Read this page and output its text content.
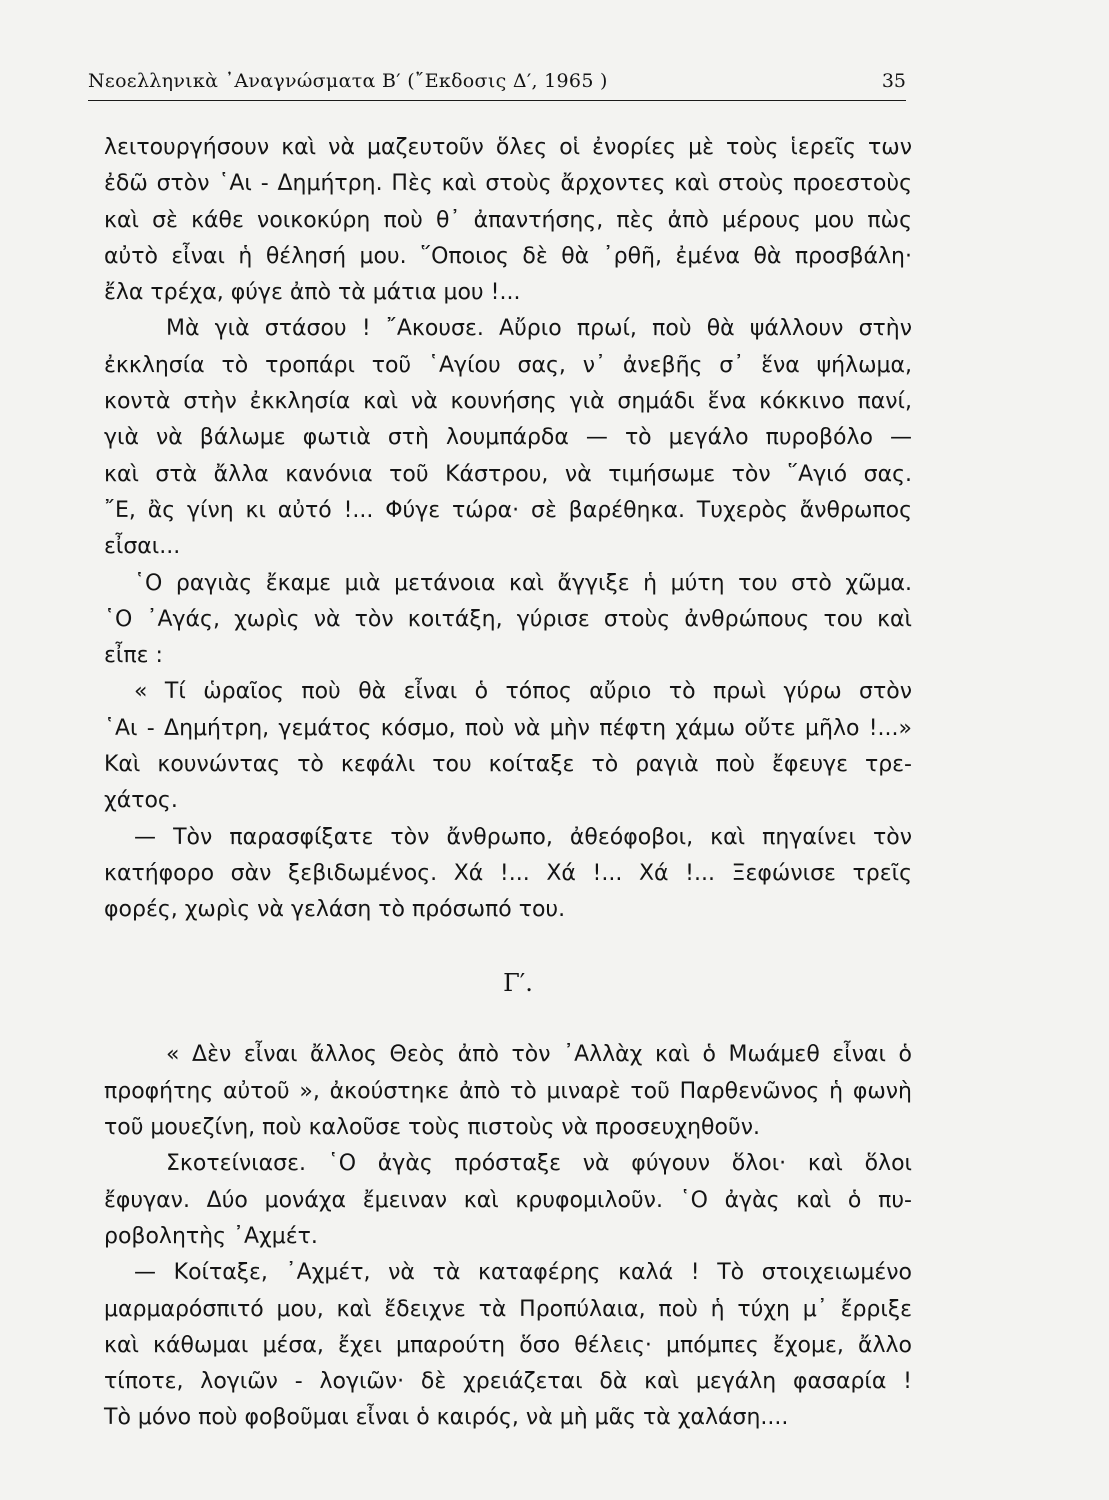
Νεοελληνικὰ ᾽Αναγνώσματα Β′ (῎Εκδοσις Δ′, 1965 )	35
λειτουργήσουν καὶ νὰ μαζευτοῦν ὅλες οἱ ἐνορίες μὲ τοὺς ἱερεῖς των
ἐδῶ στὸν ῾Αι - Δημήτρη. Πὲς καὶ στοὺς ἄρχοντες καὶ στοὺς προεστοὺς
καὶ σὲ κάθε νοικοκύρη ποὺ θ᾽ ἀπαντήσης, πὲς ἀπὸ μέρους μου πὼς
αὐτὸ εἶναι ἡ θέλησή μου. ῞Οποιος δὲ θὰ ᾽ρθῆ, ἐμένα θὰ προσβάλη·
ἔλα τρέχα, φύγε ἀπὸ τὰ μάτια μου !...
Μὰ γιὰ στάσου ! ῎Ακουσε. Αὔριο πρωί, ποὺ θὰ ψάλλουν στὴν
ἐκκλησία τὸ τροπάρι τοῦ ῾Αγίου σας, ν᾽ ἀνεβῆς σ᾽ ἕνα ψήλωμα,
κοντὰ στὴν ἐκκλησία καὶ νὰ κουνήσης γιὰ σημάδι ἕνα κόκκινο πανί,
γιὰ νὰ βάλωμε φωτιὰ στὴ λουμπάρδα — τὸ μεγάλο πυροβόλο —
καὶ στὰ ἄλλα κανόνια τοῦ Κάστρου, νὰ τιμήσωμε τὸν ῞Αγιό σας.
῎Ε, ἂς γίνη κι αὐτό !... Φύγε τώρα· σὲ βαρέθηκα. Τυχερὸς ἄνθρωπος
εἶσαι...
῾Ο ραγιὰς ἔκαμε μιὰ μετάνοια καὶ ἄγγιξε ἡ μύτη του στὸ χῶμα.
῾Ο ᾽Αγάς, χωρὶς νὰ τὸν κοιτάξη, γύρισε στοὺς ἀνθρώπους του καὶ
εἶπε :
« Τί ὡραῖος ποὺ θὰ εἶναι ὁ τόπος αὔριο τὸ πρωὶ γύρω στὸν
῾Αι - Δημήτρη, γεμάτος κόσμο, ποὺ νὰ μὴν πέφτη χάμω οὔτε μῆλο !...»
Καὶ κουνώντας τὸ κεφάλι του κοίταξε τὸ ραγιὰ ποὺ ἔφευγε τρε-
χάτος.
— Τὸν παρασφίξατε τὸν ἄνθρωπο, ἀθεόφοβοι, καὶ πηγαίνει τὸν
κατήφορο σὰν ξεβιδωμένος. Χά !... Χά !... Χά !... Ξεφώνισε τρεῖς
φορές, χωρὶς νὰ γελάση τὸ πρόσωπό του.
Γ′.
« Δὲν εἶναι ἄλλος Θεὸς ἀπὸ τὸν ᾽Αλλὰχ καὶ ὁ Μωάμεθ εἶναι ὁ
προφήτης αὐτοῦ », ἀκούστηκε ἀπὸ τὸ μιναρὲ τοῦ Παρθενῶνος ἡ φωνὴ
τοῦ μουεζίνη, ποὺ καλοῦσε τοὺς πιστοὺς νὰ προσευχηθοῦν.
Σκοτείνιασε. ῾Ο ἀγὰς πρόσταξε νὰ φύγουν ὅλοι· καὶ ὅλοι
ἔφυγαν. Δύο μονάχα ἔμειναν καὶ κρυφομιλοῦν. ῾Ο ἀγὰς καὶ ὁ πυ-
ροβολητὴς ᾽Αχμέτ.
— Κοίταξε, ᾽Αχμέτ, νὰ τὰ καταφέρης καλά ! Τὸ στοιχειωμένο
μαρμαρόσπιτό μου, καὶ ἔδειχνε τὰ Προπύλαια, ποὺ ἡ τύχη μ᾽ ἔρριξε
καὶ κάθωμαι μέσα, ἔχει μπαρούτη ὅσο θέλεις· μπόμπες ἔχομε, ἄλλο
τίποτε, λογιῶν - λογιῶν· δὲ χρειάζεται δὰ καὶ μεγάλη φασαρία !
Τὸ μόνο ποὺ φοβοῦμαι εἶναι ὁ καιρός, νὰ μὴ μᾶς τὰ χαλάση....
